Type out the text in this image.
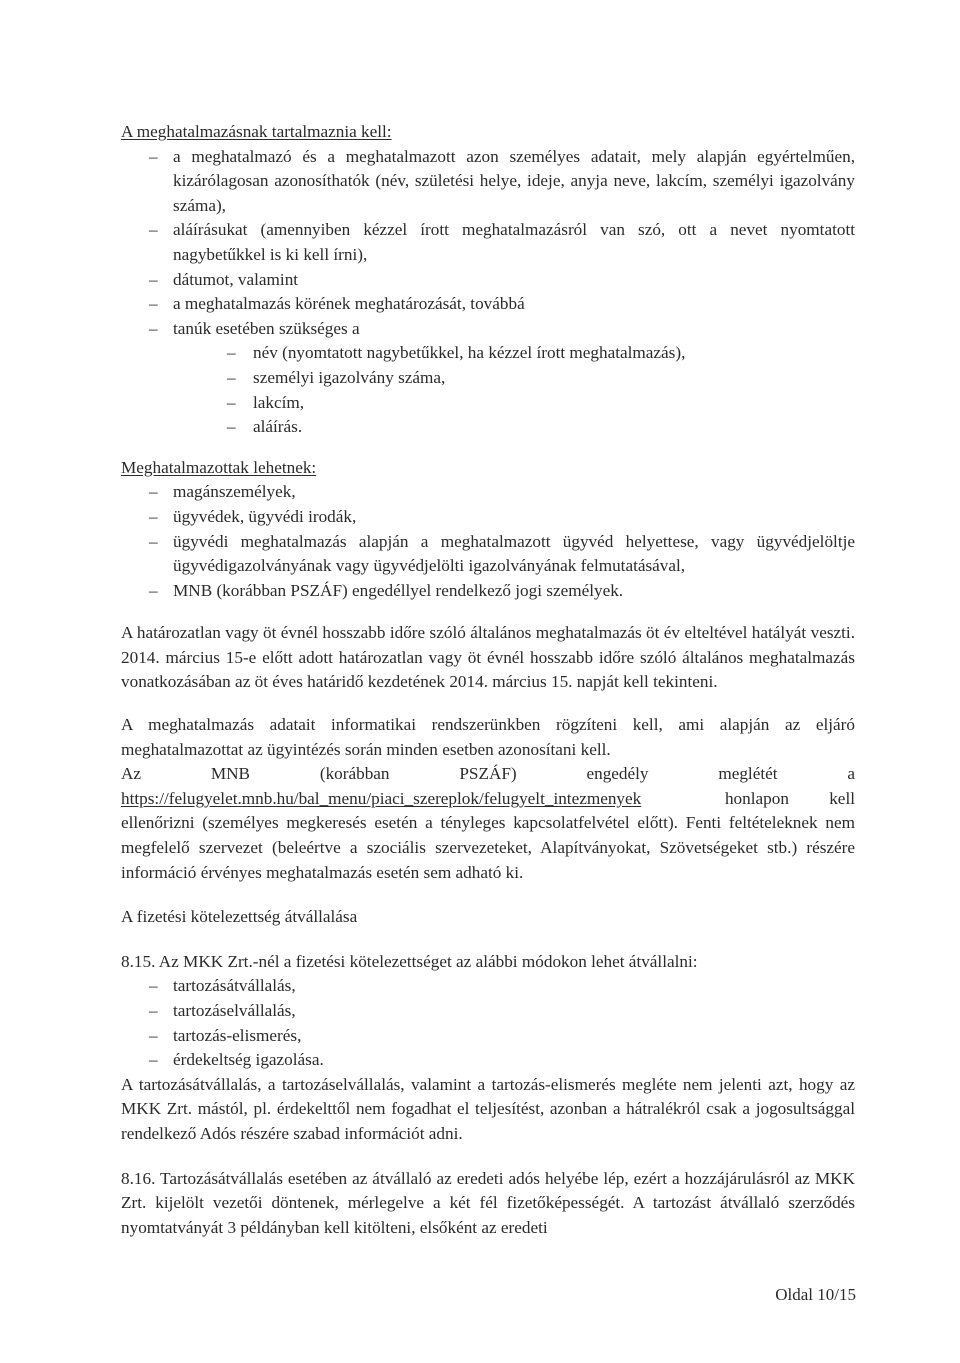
A meghatalmazásnak tartalmaznia kell:

– a meghatalmazó és a meghatalmazott azon személyes adatait, mely alapján egyértelműen, kizárólagosan azonosíthatók (név, születési helye, ideje, anyja neve, lakcím, személyi igazolvány száma),
– aláírásukat (amennyiben kézzel írott meghatalmazásról van szó, ott a nevet nyomtatott nagybetűkkel is ki kell írni),
– dátumot, valamint
– a meghatalmazás körének meghatározását, továbbá
– tanúk esetében szükséges a
– név (nyomtatott nagybetűkkel, ha kézzel írott meghatalmazás),
– személyi igazolvány száma,
– lakcím,
– aláírás.

Meghatalmazottak lehetnek:

– magánszemélyek,
– ügyvédek, ügyvédi irodák,
– ügyvédi meghatalmazás alapján a meghatalmazott ügyvéd helyettese, vagy ügyvédjelöltje ügyvédigazolványának vagy ügyvédjelölti igazolványának felmutatásával,
– MNB (korábban PSZÁF) engedéllyel rendelkező jogi személyek.

A határozatlan vagy öt évnél hosszabb időre szóló általános meghatalmazás öt év elteltével hatályát veszti. 2014. március 15-e előtt adott határozatlan vagy öt évnél hosszabb időre szóló általános meghatalmazás vonatkozásában az öt éves határidő kezdetének 2014. március 15. napját kell tekinteni.

A meghatalmazás adatait informatikai rendszerünkben rögzíteni kell, ami alapján az eljáró meghatalmazottat az ügyintézés során minden esetben azonosítani kell.

Az	MNB	(korábban	PSZÁF)	engedély	meglétét	a
https://felugyelet.mnb.hu/bal_menu/piaci_szereplok/felugyelt_intezmenyek	honlapon kell

ellenőrizni (személyes megkeresés esetén a tényleges kapcsolatfelvétel előtt). Fenti feltételeknek nem megfelelő szervezet (beleértve a szociális szervezeteket, Alapítványokat, Szövetségeket stb.) részére információ érvényes meghatalmazás esetén sem adható ki.

A fizetési kötelezettség átvállalása

8.15. Az MKK Zrt.-nél a fizetési kötelezettséget az alábbi módokon lehet átvállalni:

– tartozásátvállalás,
– tartozáselvállalás,
– tartozás-elismerés,
– érdekeltség igazolása.

A tartozásátvállalás, a tartozáselvállalás, valamint a tartozás-elismerés megléte nem jelenti azt, hogy az MKK Zrt. mástól, pl. érdekelttől nem fogadhat el teljesítést, azonban a hátralékról csak a jogosultsággal rendelkező Adós részére szabad információt adni.

8.16. Tartozásátvállalás esetében az átvállaló az eredeti adós helyébe lép, ezért a hozzájárulásról az MKK Zrt. kijelölt vezetői döntenek, mérlegelve a két fél fizetőképességét. A tartozást átvállaló szerződés nyomtatványát 3 példányban kell kitölteni, elsőként az eredeti

Oldal 10/15
